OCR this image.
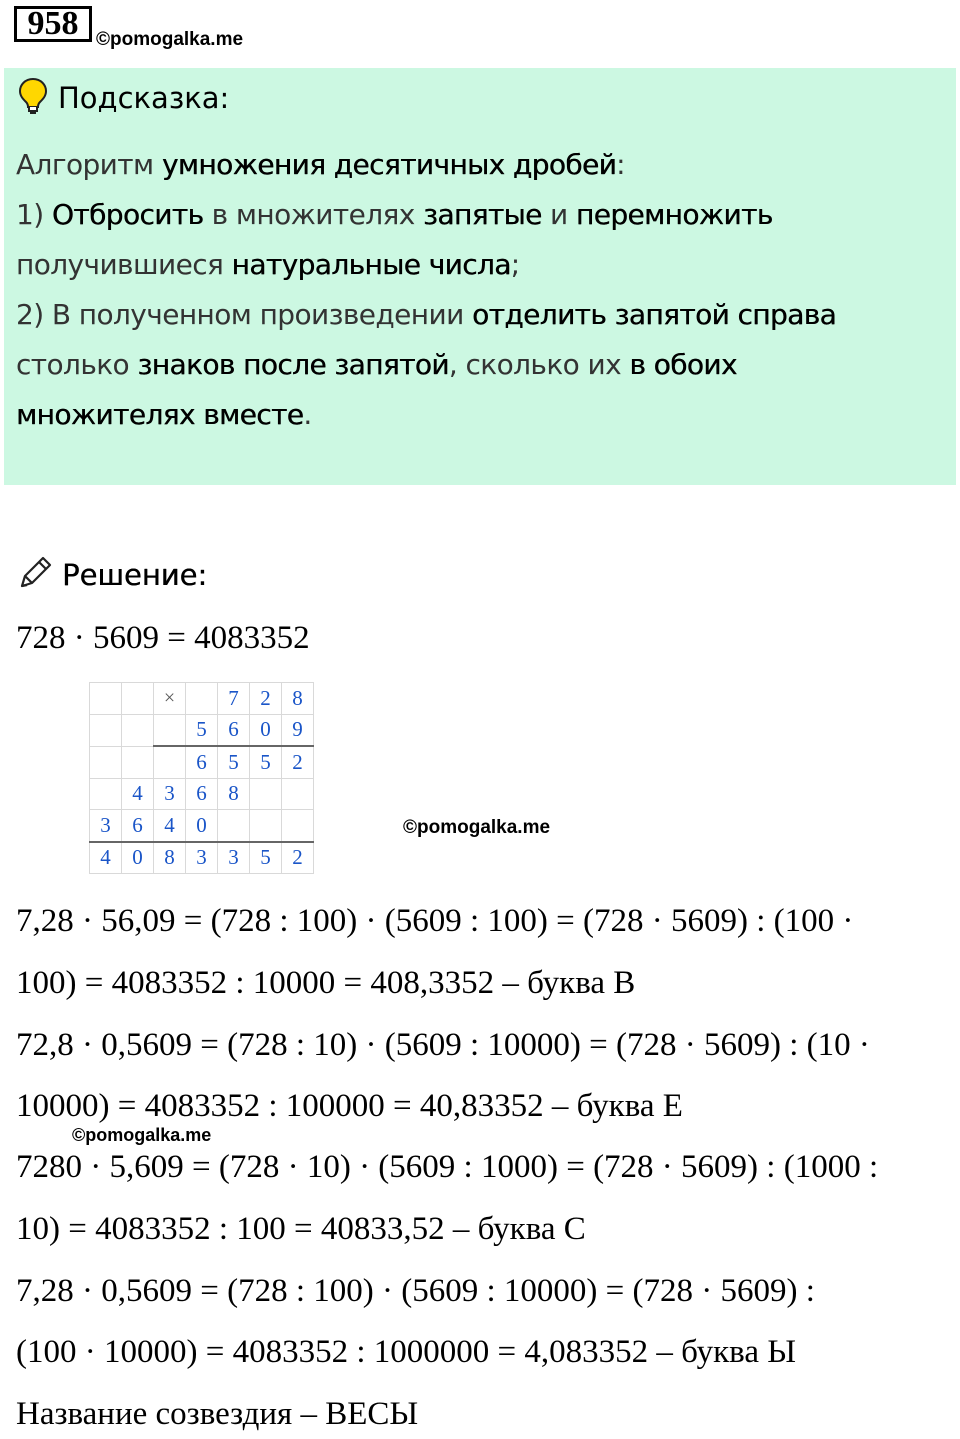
958 ©pomogalka.me
Подсказка:

Алгоритм умножения десятичных дробей:

1) Отбросить в множителях запятые и перемножить

получившиеся натуральные числа;

2) В полученном произведении отделить запятой справа

столько знаков после запятой, сколько их в обоих

множителях вместе.

Решение:
728 · 5609 = 4083352
		×		7	2	8
			5	6	0	9
			6	5	5	2
	4	3	6	8		
3	6	4	0			
4	0	8	3	3	5	2
©pomogalka.me
7,28 · 56,09 = (728 : 100) · (5609 : 100) = (728 · 5609) : (100 ·
100) = 4083352 : 10000 = 408,3352 – буква В
72,8 · 0,5609 = (728 : 10) · (5609 : 10000) = (728 · 5609) : (10 ·
10000) = 4083352 : 100000 = 40,83352 – буква Е
©pomogalka.me
7280 · 5,609 = (728 · 10) · (5609 : 1000) = (728 · 5609) : (1000 :
10) = 4083352 : 100 = 40833,52 – буква С
7,28 · 0,5609 = (728 : 100) · (5609 : 10000) = (728 · 5609) :
(100 · 10000) = 4083352 : 1000000 = 4,083352 – буква Ы
Название созвездия – ВЕСЫ
